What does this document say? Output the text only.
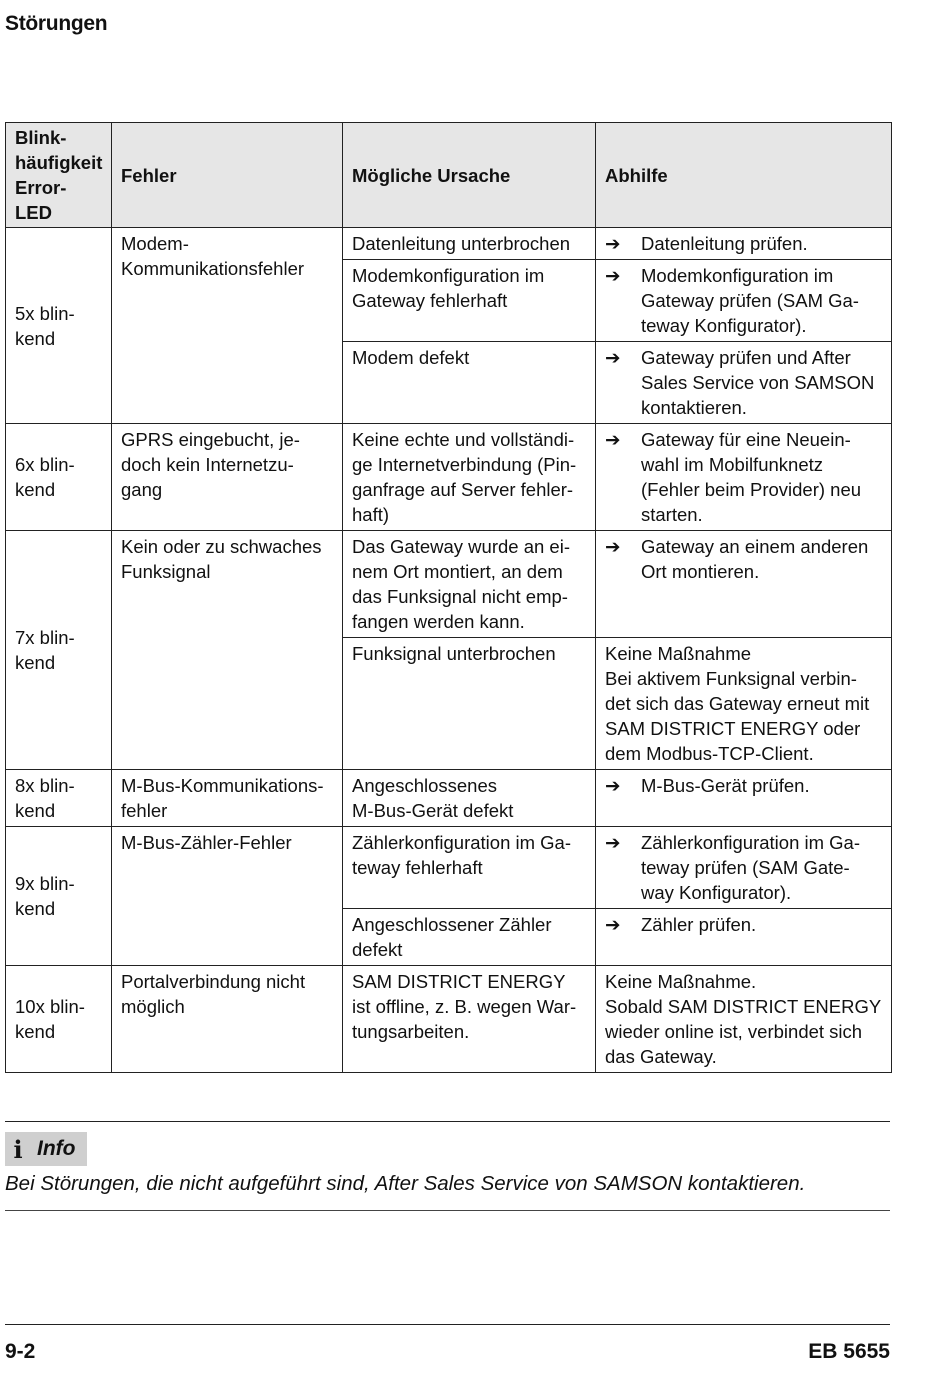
Störungen
Blink-
häufigkeit
Error-LED	Fehler	Mögliche Ursache	Abhilfe
5x blin-
kend	Modem-
Kommunikationsfehler	Datenleitung unterbrochen	➔ Datenleitung prüfen.

		Modemkonfiguration im Gateway fehlerhaft	➔ Modemkonfiguration im Gateway prüfen (SAM Ga-teway Konfigurator).

		Modem defekt	➔ Gateway prüfen und After Sales Service von SAMSON kontaktieren.

6x blin-
kend	GPRS eingebucht, je-doch kein Internetzu-gang	Keine echte und vollständi-ge Internetverbindung (Pin-ganfrage auf Server fehler-haft)	➔ Gateway für eine Neuein-wahl im Mobilfunknetz (Fehler beim Provider) neu starten.

7x blin-
kend	Kein oder zu schwaches Funksignal	Das Gateway wurde an ei-nem Ort montiert, an dem das Funksignal nicht emp-fangen werden kann.	➔ Gateway an einem anderen Ort montieren.

		Funksignal unterbrochen	Keine Maßnahme
Bei aktivem Funksignal verbin-det sich das Gateway erneut mit SAM DISTRICT ENERGY oder dem Modbus-TCP-Client.
8x blin-
kend	M-Bus-Kommunikations-fehler	Angeschlossenes
M-Bus-Gerät defekt	➔ M-Bus-Gerät prüfen.

9x blin-
kend	M-Bus-Zähler-Fehler	Zählerkonfiguration im Ga-teway fehlerhaft	➔ Zählerkonfiguration im Ga-teway prüfen (SAM Gate-way Konfigurator).

		Angeschlossener Zähler defekt	➔ Zähler prüfen.

10x blin-
kend	Portalverbindung nicht möglich	SAM DISTRICT ENERGY ist offline, z. B. wegen War-tungsarbeiten.	Keine Maßnahme.
Sobald SAM DISTRICT ENERGY wieder online ist, verbindet sich das Gateway.
i Info
Bei Störungen, die nicht aufgeführt sind, After Sales Service von SAMSON kontaktieren.
9-2	EB 5655
